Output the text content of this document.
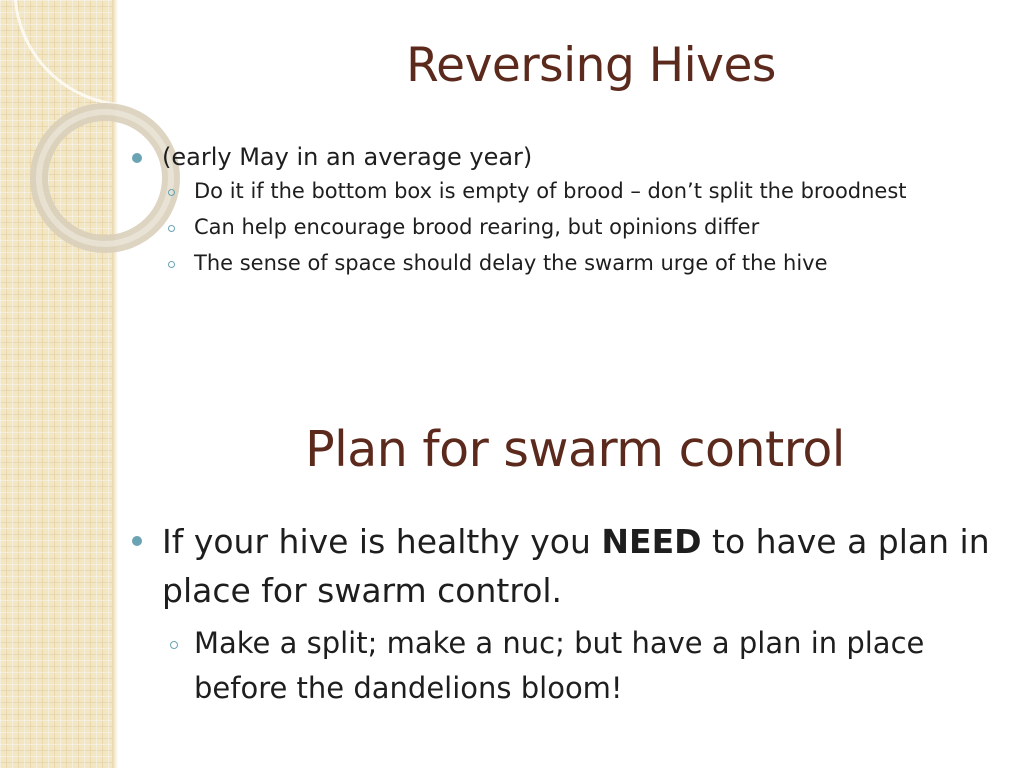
Reversing Hives
(early May in an average year)
Do it if the bottom box is empty of brood – don’t split the broodnest
Can help encourage brood rearing, but opinions differ
The sense of space should delay the swarm urge of the hive
Plan for swarm control
If your hive is healthy you NEED to have a plan in place for swarm control.
Make a split; make a nuc; but have a plan in place before the dandelions bloom!
